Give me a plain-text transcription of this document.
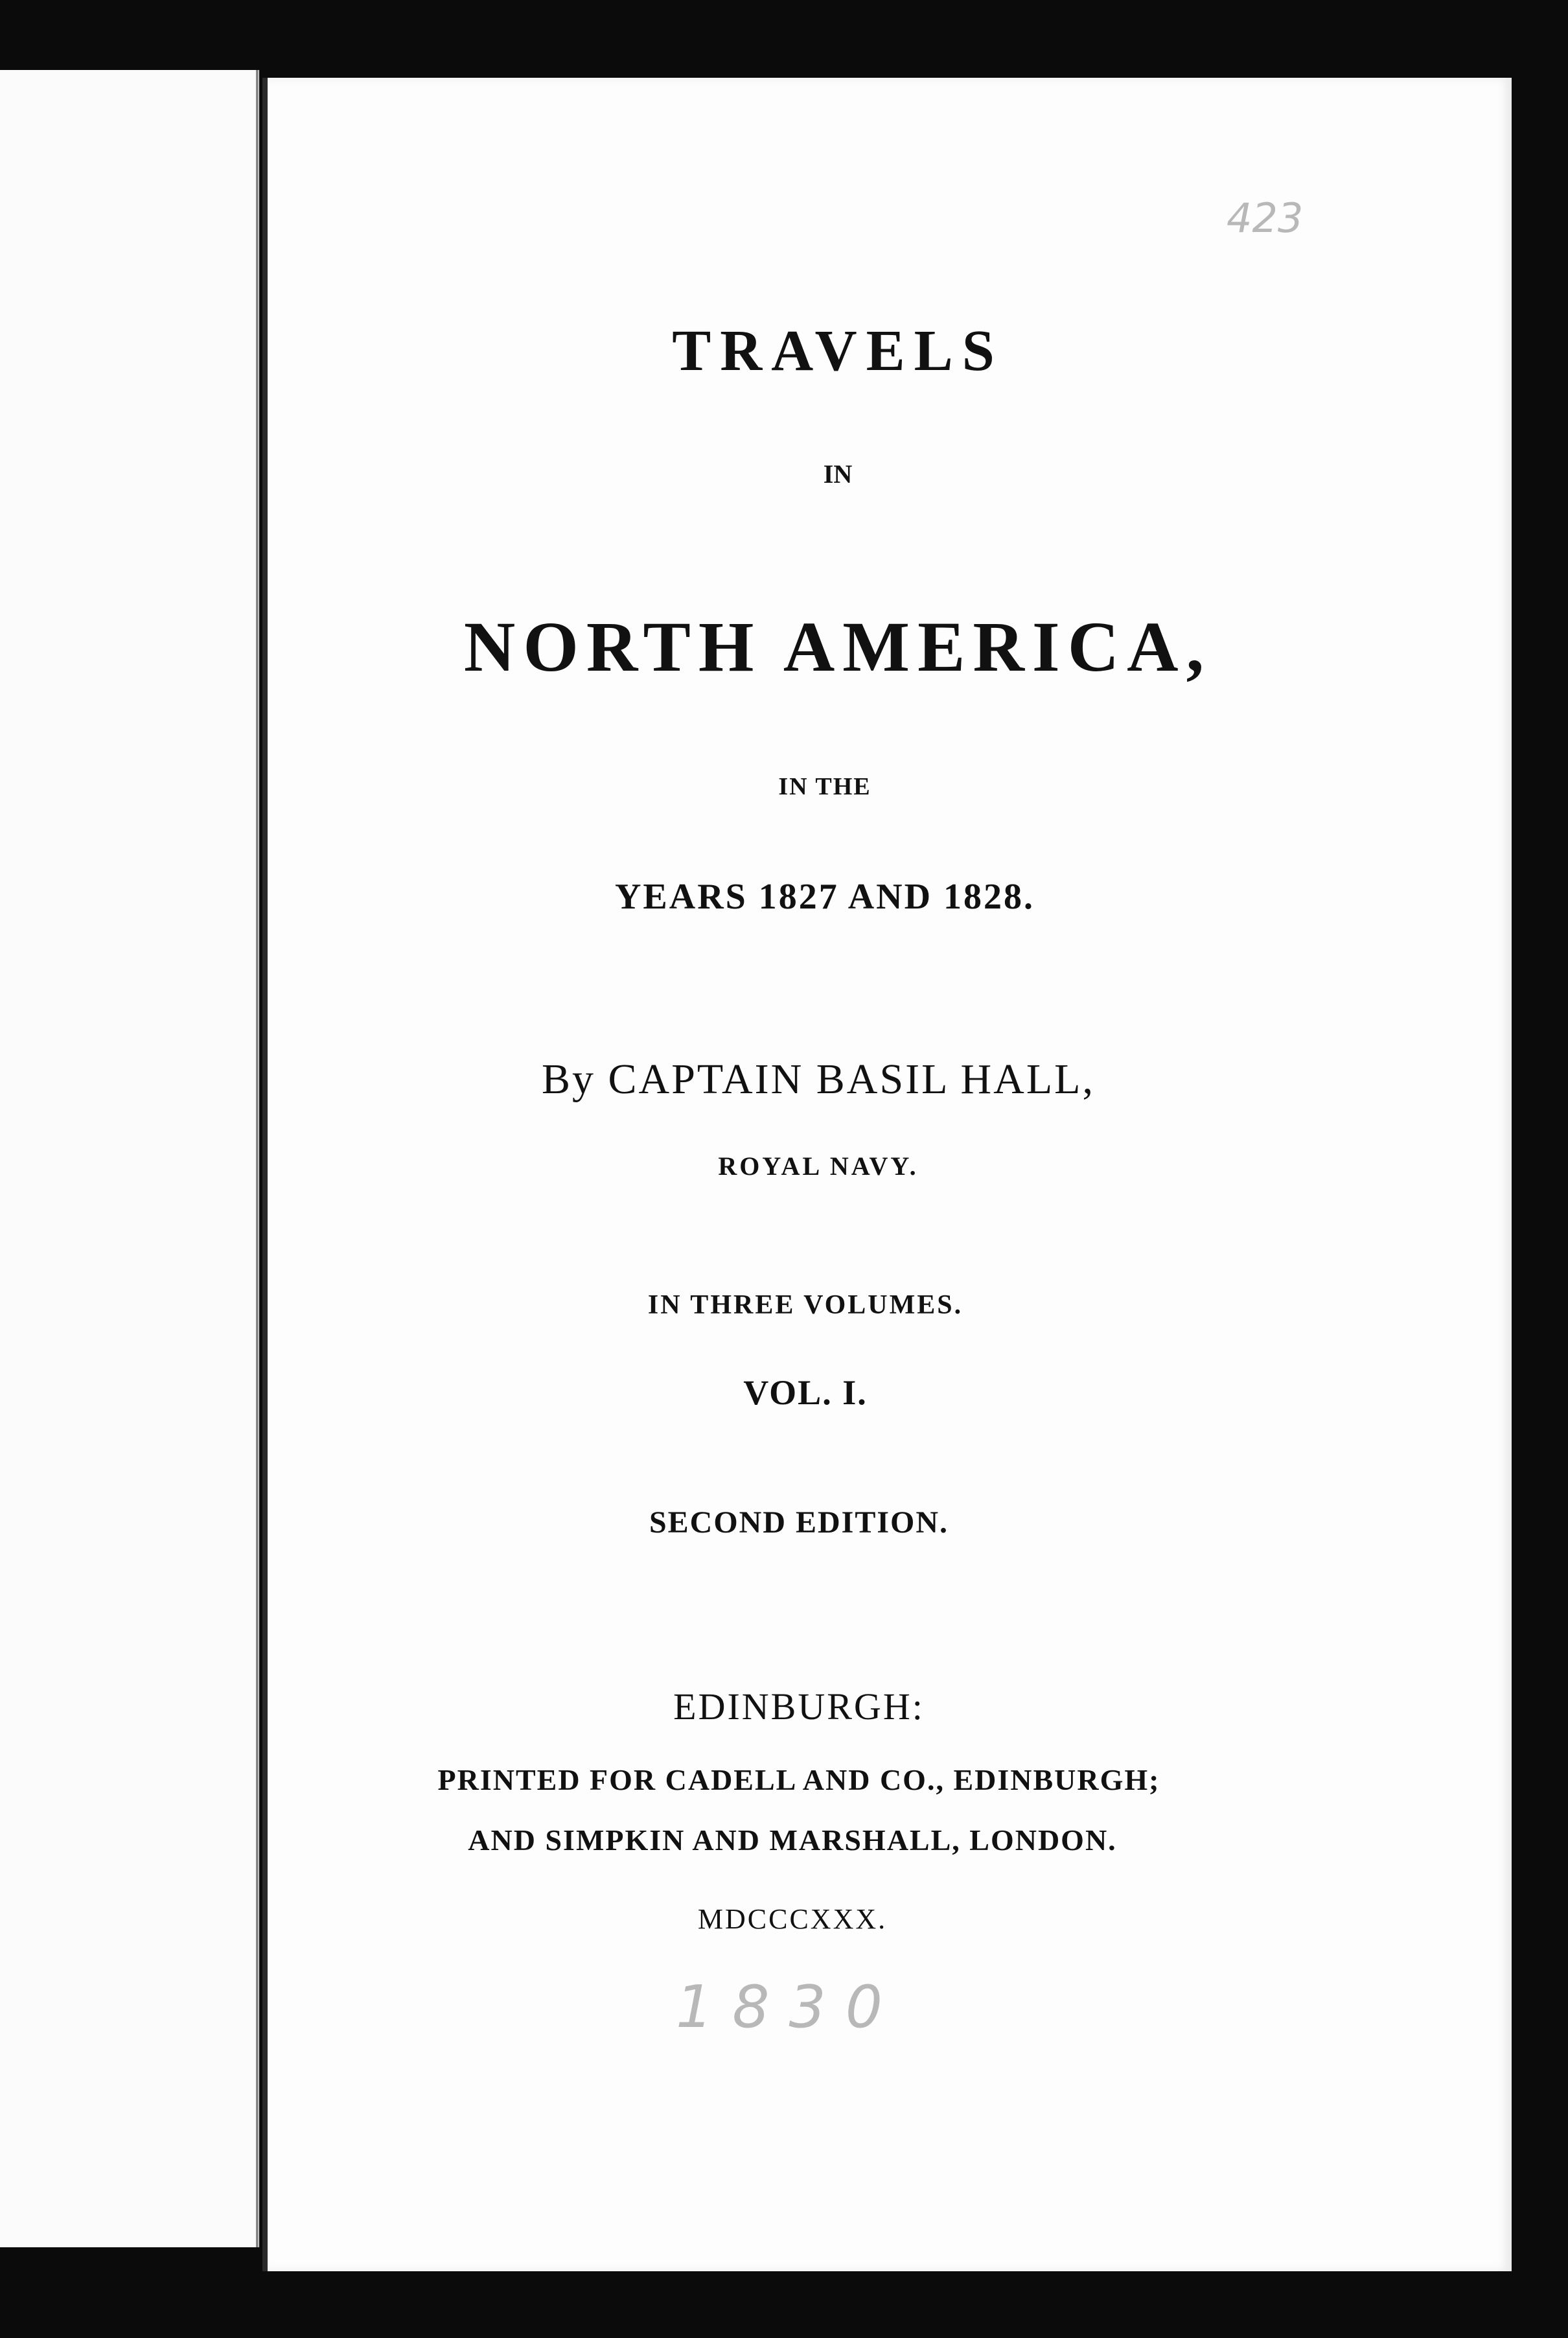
423
TRAVELS
IN
NORTH AMERICA,
IN THE
YEARS 1827 AND 1828.
By CAPTAIN BASIL HALL,
ROYAL NAVY.
IN THREE VOLUMES.
VOL. I.
SECOND EDITION.
EDINBURGH:
PRINTED FOR CADELL AND CO., EDINBURGH;
AND SIMPKIN AND MARSHALL, LONDON.
MDCCCXXX.
1830
